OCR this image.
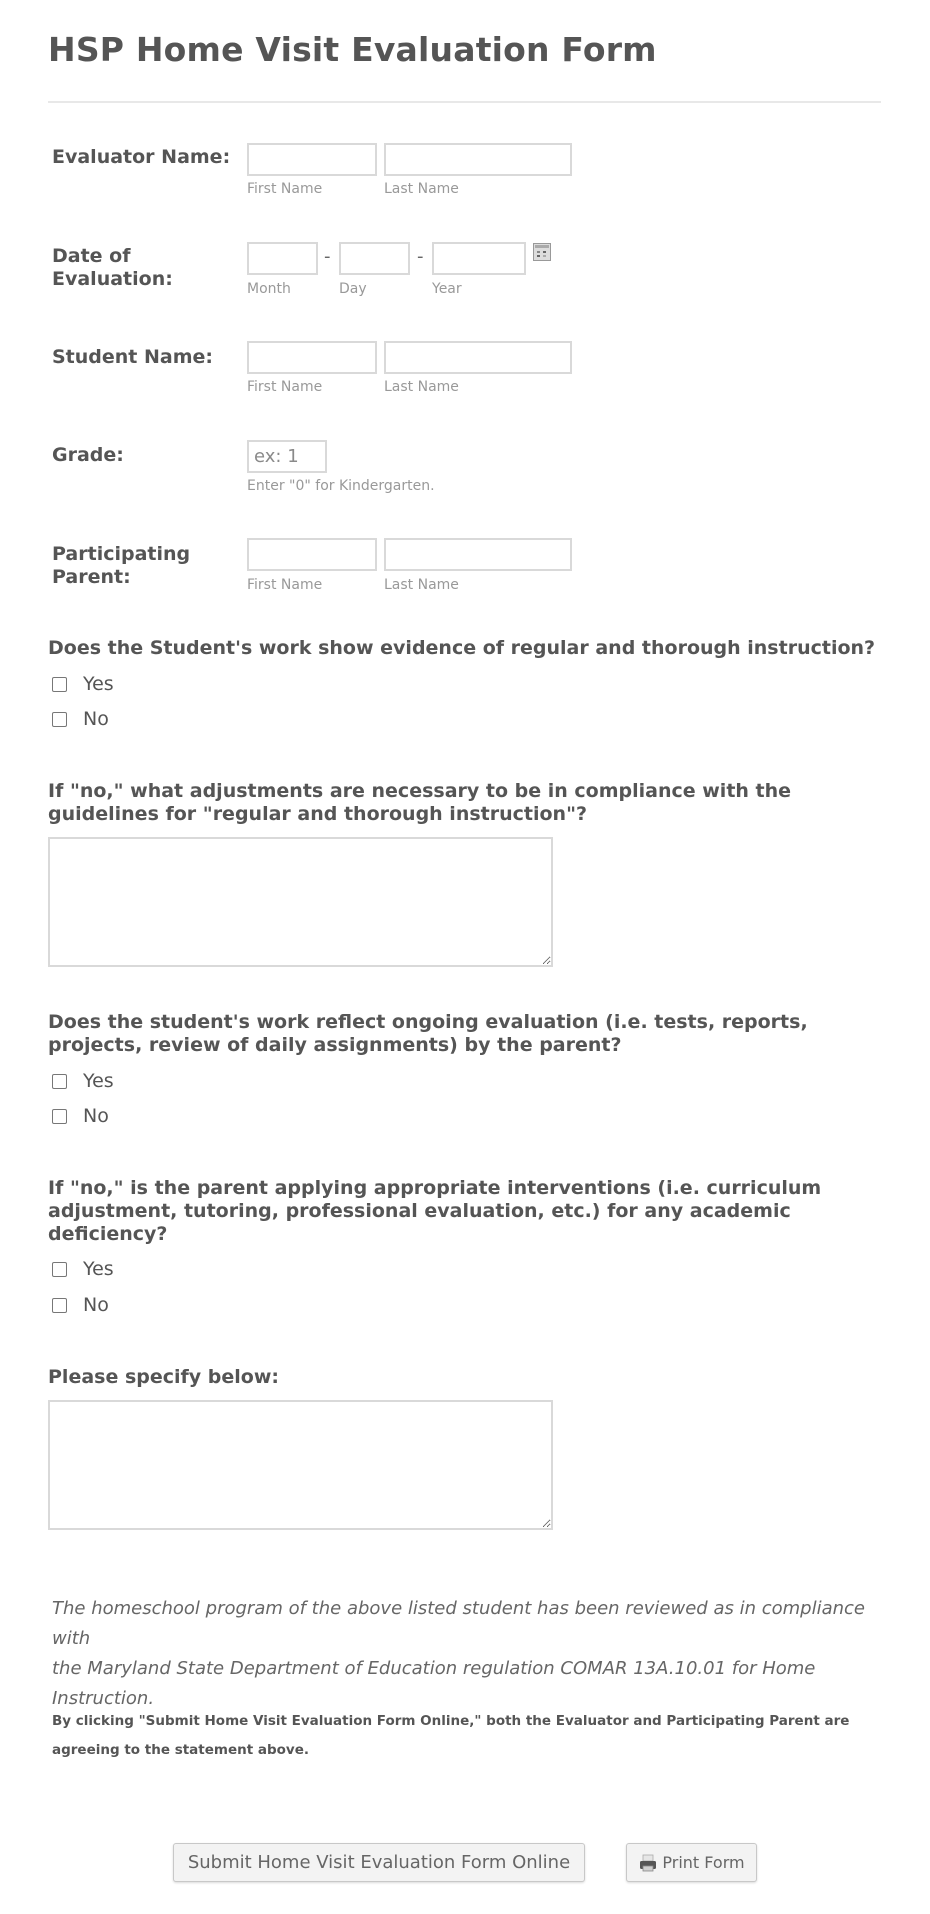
HSP Home Visit Evaluation Form
Evaluator Name:
First Name	Last Name
Date of
Evaluation:
-	-
Month	Day	Year
Student Name:
First Name	Last Name
Grade:
ex: 1
Enter "0" for Kindergarten.
Participating
Parent:	First Name	Last Name
Does the Student's work show evidence of regular and thorough instruction?
Yes
No
If "no," what adjustments are necessary to be in compliance with the
guidelines for "regular and thorough instruction"?
Does the student's work reflect ongoing evaluation (i.e. tests, reports,
projects, review of daily assignments) by the parent?
Yes
No
If "no," is the parent applying appropriate interventions (i.e. curriculum
adjustment, tutoring, professional evaluation, etc.) for any academic
deficiency?
Yes
No
Please specify below:
The homeschool program of the above listed student has been reviewed as in compliance with
the Maryland State Department of Education regulation COMAR 13A.10.01 for Home
Instruction.
By clicking "Submit Home Visit Evaluation Form Online," both the Evaluator and Participating Parent are
agreeing to the statement above.
Submit Home Visit Evaluation Form Online	Print Form
